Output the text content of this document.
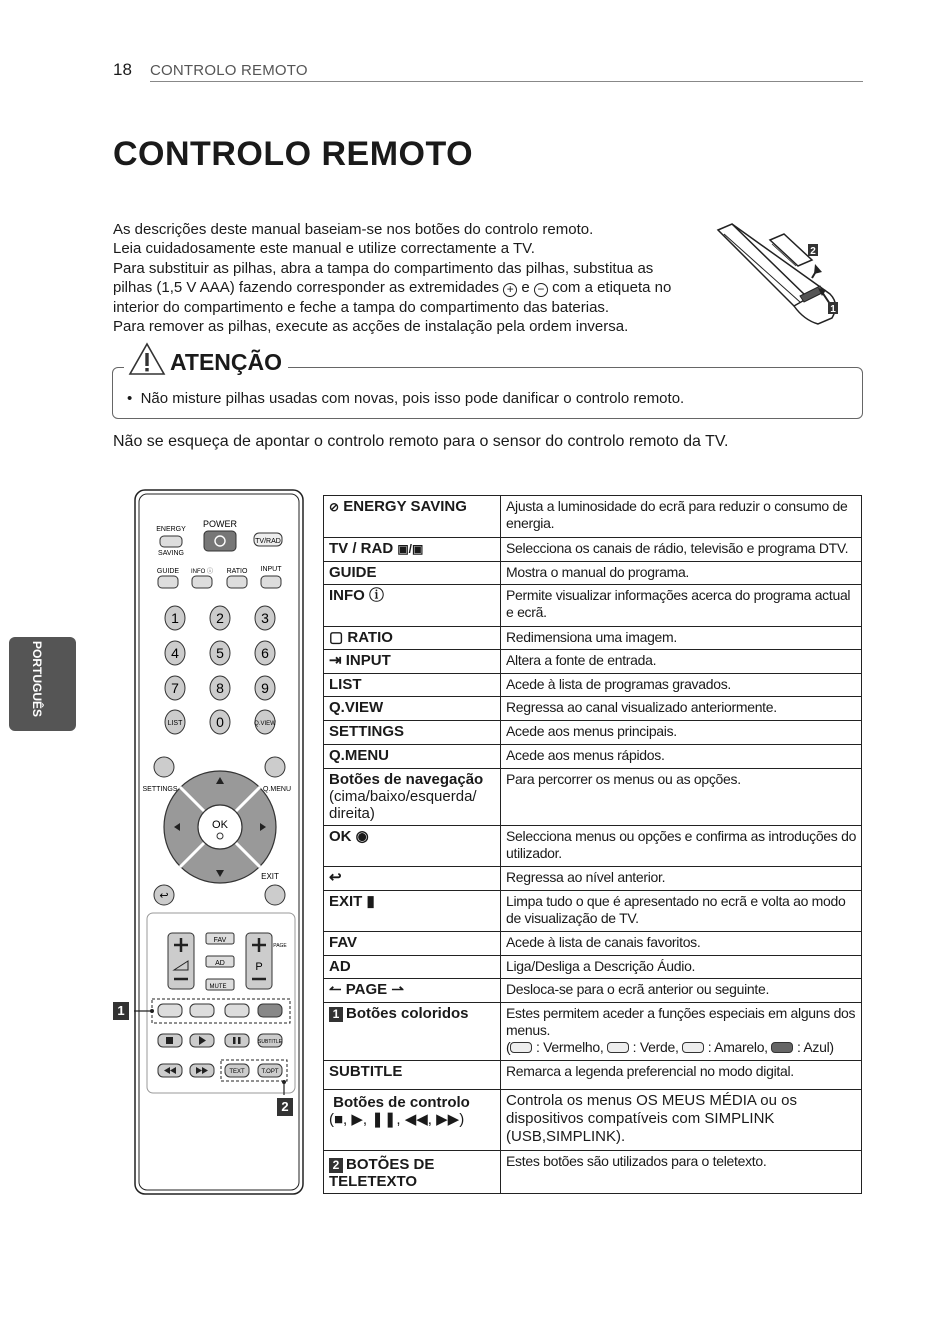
18 CONTROLO REMOTO
CONTROLO REMOTO

As descrições deste manual baseiam-se nos botões do controlo remoto.

Leia cuidadosamente este manual e utilize correctamente a TV.

Para substituir as pilhas, abra a tampa do compartimento das pilhas, substitua as

pilhas (1,5 V AAA) fazendo corresponder as extremidades + e − com a etiqueta no

interior do compartimento e feche a tampa do compartimento das baterias.

Para remover as pilhas, execute as acções de instalação pela ordem inversa.

2
1
ATENÇÃO
•  Não misture pilhas usadas com novas, pois isso pode danificar o controlo remoto.
Não se esqueça de apontar o controlo remoto para o sensor do controlo remoto da TV.
PORTUGUÊS
ENERGY
SAVING
POWER
TV/RAD
GUIDE INFO ⓘ RATIO INPUT
1	2	3
4	5	6
7	8	9
LIST 0	Q.VIEW
SETTINGS	Q.MENU
OK
↩
EXIT
P
PAGE
FAV
AD
MUTE
SUBTITLE
TEXT	T.OPT
1
2
⊘ ENERGY SAVING	Ajusta a luminosidade do ecrã para reduzir o consumo de energia.
TV / RAD ▣/▣	Selecciona os canais de rádio, televisão e programa DTV.
GUIDE	Mostra o manual do programa.
INFO ⓘ	Permite visualizar informações acerca do programa actual e ecrã.
▢ RATIO	Redimensiona uma imagem.
⇥ INPUT	Altera a fonte de entrada.
LIST	Acede à lista de programas gravados.
Q.VIEW	Regressa ao canal visualizado anteriormente.
SETTINGS	Acede aos menus principais.
Q.MENU	Acede aos menus rápidos.
Botões de navegação
(cima/baixo/esquerda/ direita)	Para percorrer os menus ou as opções.
OK ◉	Selecciona menus ou opções e confirma as introduções do utilizador.
↩	Regressa ao nível anterior.
EXIT ▮	Limpa tudo o que é apresentado no ecrã e volta ao modo de visualização de TV.
FAV	Acede à lista de canais favoritos.
AD	Liga/Desliga a Descrição Áudio.
↼ PAGE ⇀	Desloca-se para o ecrã anterior ou seguinte.
1 Botões coloridos	Estes permitem aceder a funções especiais em alguns dos menus.
( : Vermelho,  : Verde,  : Amarelo,  : Azul)
SUBTITLE	Remarca a legenda preferencial no modo digital.
Botões de controlo
(■, ▶, ❚❚, ◀◀, ▶▶)	Controla os menus OS MEUS MÉDIA ou os dispositivos compatíveis com SIMPLINK (USB,SIMPLINK).
2 BOTÕES DE TELETEXTO	Estes botões são utilizados para o teletexto.
